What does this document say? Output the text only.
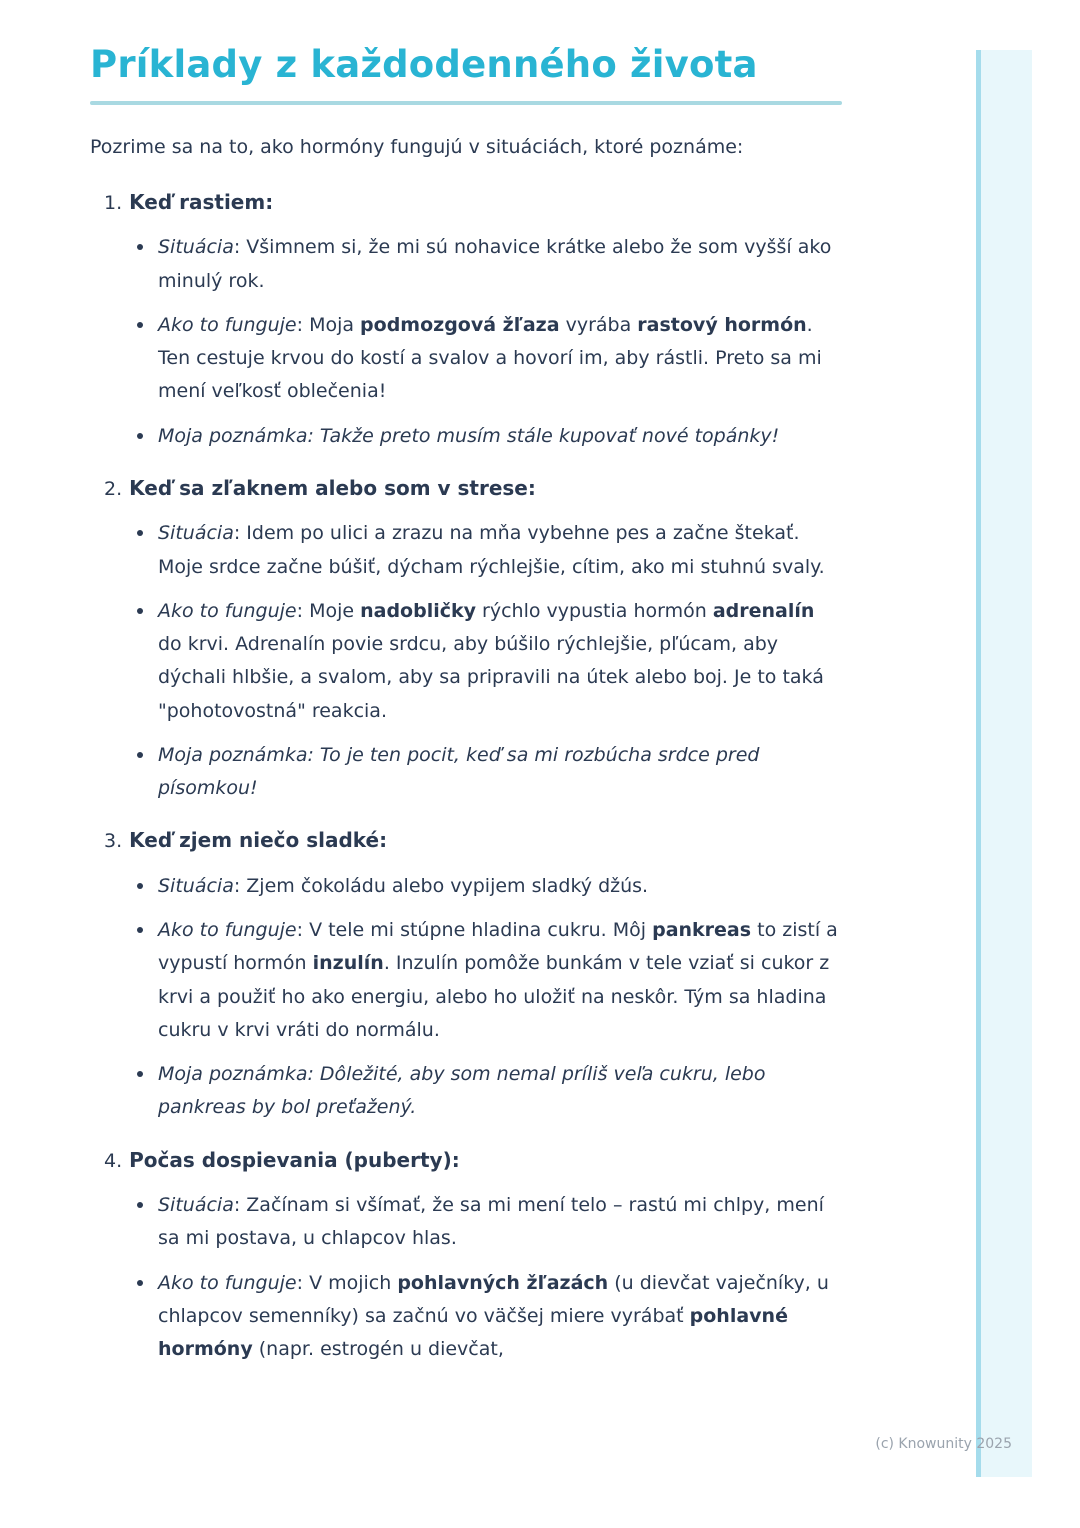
Príklady z každodenného života

Pozrime sa na to, ako hormóny fungujú v situáciách, ktoré poznáme:

1. Keď rastiem:
Situácia: Všimnem si, že mi sú nohavice krátke alebo že som vyšší ako minulý rok.
Ako to funguje: Moja podmozgová žľaza vyrába rastový hormón. Ten cestuje krvou do kostí a svalov a hovorí im, aby rástli. Preto sa mi mení veľkosť oblečenia!
Moja poznámka: Takže preto musím stále kupovať nové topánky!
2. Keď sa zľaknem alebo som v strese:
Situácia: Idem po ulici a zrazu na mňa vybehne pes a začne štekať. Moje srdce začne búšiť, dýcham rýchlejšie, cítim, ako mi stuhnú svaly.
Ako to funguje: Moje nadobličky rýchlo vypustia hormón adrenalín do krvi. Adrenalín povie srdcu, aby búšilo rýchlejšie, pľúcam, aby dýchali hlbšie, a svalom, aby sa pripravili na útek alebo boj. Je to taká "pohotovostná" reakcia.
Moja poznámka: To je ten pocit, keď sa mi rozbúcha srdce pred písomkou!
3. Keď zjem niečo sladké:
Situácia: Zjem čokoládu alebo vypijem sladký džús.
Ako to funguje: V tele mi stúpne hladina cukru. Môj pankreas to zistí a vypustí hormón inzulín. Inzulín pomôže bunkám v tele vziať si cukor z krvi a použiť ho ako energiu, alebo ho uložiť na neskôr. Tým sa hladina cukru v krvi vráti do normálu.
Moja poznámka: Dôležité, aby som nemal príliš veľa cukru, lebo pankreas by bol preťažený.
4. Počas dospievania (puberty):
Situácia: Začínam si všímať, že sa mi mení telo – rastú mi chlpy, mení sa mi postava, u chlapcov hlas.
Ako to funguje: V mojich pohlavných žľazách (u dievčat vaječníky, u chlapcov semenníky) sa začnú vo väčšej miere vyrábať pohlavné hormóny (napr. estrogén u dievčat,
(c) Knowunity 2025
